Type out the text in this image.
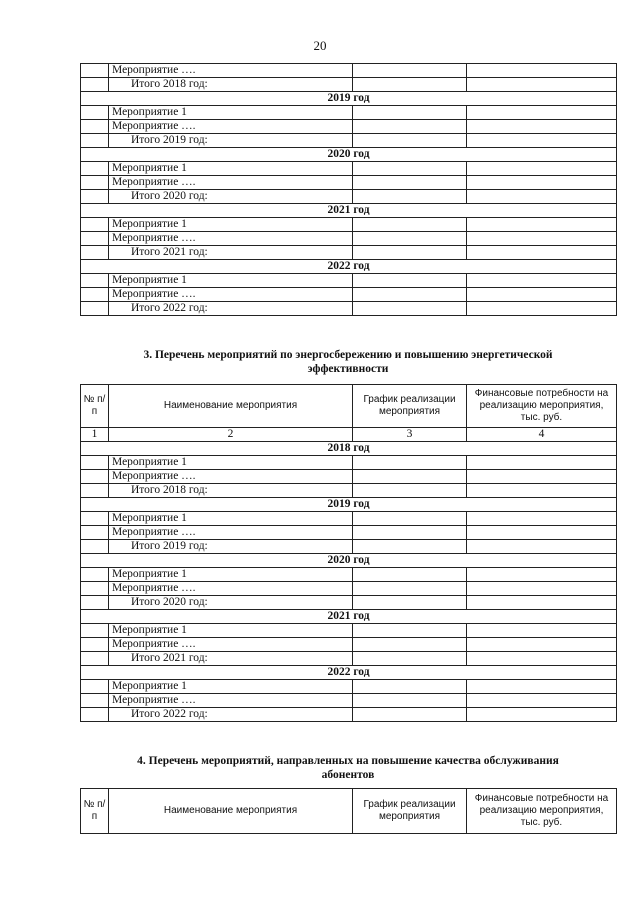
20
	Мероприятие ….		
	Итого 2018 год:		
2019 год			
	Мероприятие 1		
	Мероприятие ….		
	Итого 2019 год:		
2020 год			
	Мероприятие 1		
	Мероприятие ….		
	Итого 2020 год:		
2021 год			
	Мероприятие 1		
	Мероприятие ….		
	Итого 2021 год:		
2022 год			
	Мероприятие 1		
	Мероприятие ….		
	Итого 2022 год:		
3. Перечень мероприятий по энергосбережению и повышению энергетической
эффективности
№ п/п	Наименование мероприятия	График реализации мероприятия	Финансовые потребности на реализацию мероприятия, тыс. руб.
1	2	3	4
2018 год			
	Мероприятие 1		
	Мероприятие ….		
	Итого 2018 год:		
2019 год			
	Мероприятие 1		
	Мероприятие ….		
	Итого 2019 год:		
2020 год			
	Мероприятие 1		
	Мероприятие ….		
	Итого 2020 год:		
2021 год			
	Мероприятие 1		
	Мероприятие ….		
	Итого 2021 год:		
2022 год			
	Мероприятие 1		
	Мероприятие ….		
	Итого 2022 год:		
4. Перечень мероприятий, направленных на повышение качества обслуживания
абонентов
№ п/п	Наименование мероприятия	График реализации мероприятия	Финансовые потребности на реализацию мероприятия, тыс. руб.
